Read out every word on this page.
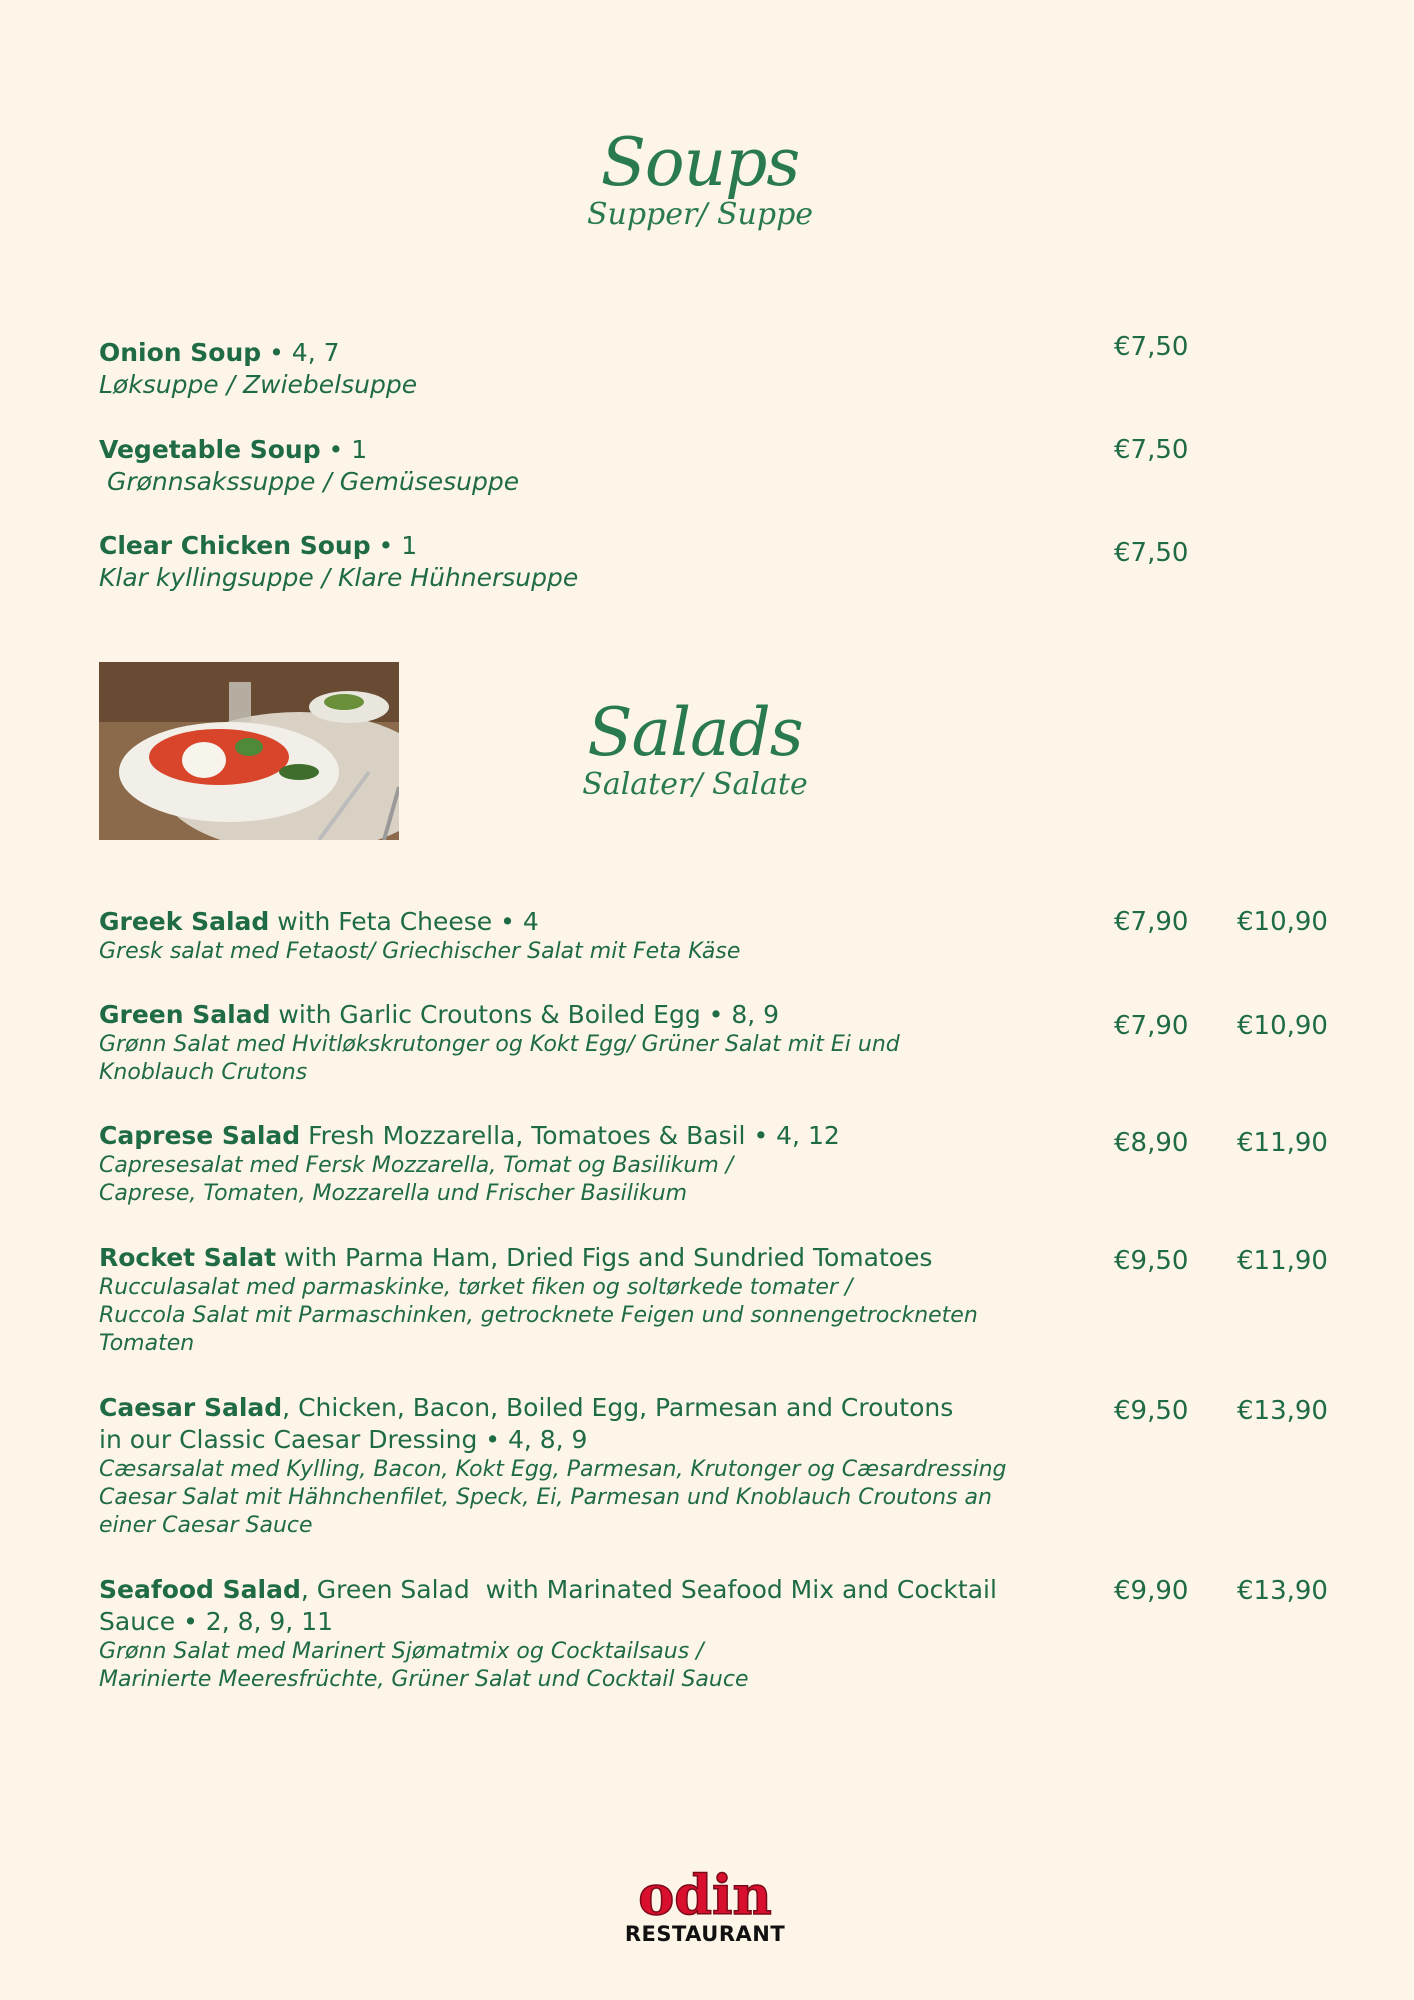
Soups
Supper/ Suppe
Onion Soup • 4, 7
Løksuppe / Zwiebelsuppe
€7,50
Vegetable Soup • 1
Grønnsakssuppe / Gemüsesuppe
€7,50
Clear Chicken Soup • 1
Klar kyllingsuppe / Klare Hühnersuppe
€7,50
Salads
Salater/ Salate
Greek Salad with Feta Cheese • 4
Gresk salat med Fetaost/ Griechischer Salat mit Feta Käse
€7,90 €10,90
Green Salad with Garlic Croutons & Boiled Egg • 8, 9
Grønn Salat med Hvitløkskrutonger og Kokt Egg/ Grüner Salat mit Ei und
Knoblauch Crutons
€7,90 €10,90
Caprese Salad Fresh Mozzarella, Tomatoes & Basil • 4, 12
Capresesalat med Fersk Mozzarella, Tomat og Basilikum /
Caprese, Tomaten, Mozzarella und Frischer Basilikum
€8,90 €11,90
Rocket Salat with Parma Ham, Dried Figs and Sundried Tomatoes
Rucculasalat med parmaskinke, tørket fiken og soltørkede tomater /
Ruccola Salat mit Parmaschinken, getrocknete Feigen und sonnengetrockneten
Tomaten
€9,50 €11,90
Caesar Salad, Chicken, Bacon, Boiled Egg, Parmesan and Croutons
in our Classic Caesar Dressing • 4, 8, 9
Cæsarsalat med Kylling, Bacon, Kokt Egg, Parmesan, Krutonger og Cæsardressing
Caesar Salat mit Hähnchenfilet, Speck, Ei, Parmesan und Knoblauch Croutons an
einer Caesar Sauce
€9,50 €13,90
Seafood Salad, Green Salad  with Marinated Seafood Mix and Cocktail
Sauce • 2, 8, 9, 11
Grønn Salat med Marinert Sjømatmix og Cocktailsaus /
Marinierte Meeresfrüchte, Grüner Salat und Cocktail Sauce
€9,90 €13,90
odin
RESTAURANT
